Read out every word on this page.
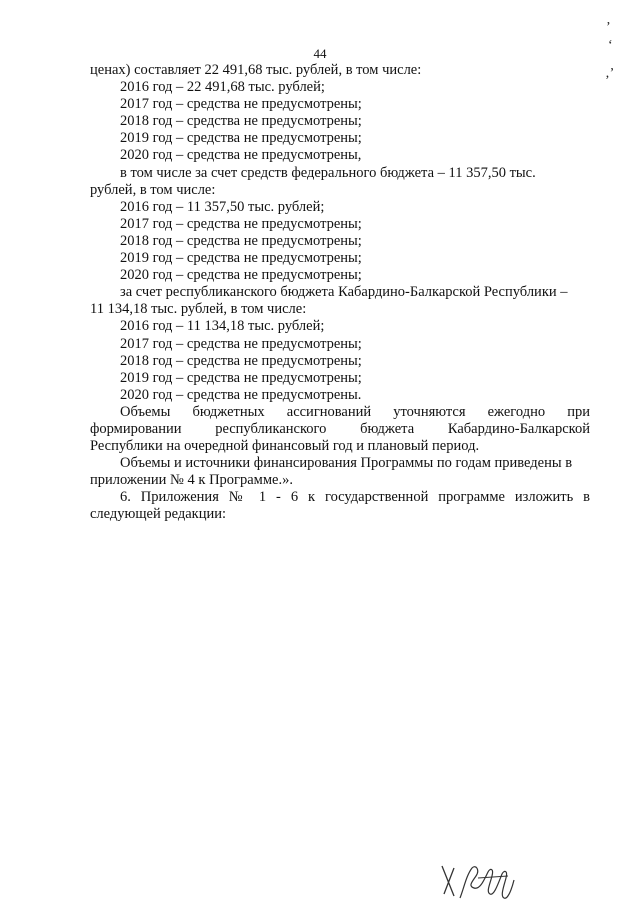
44
’
ʻ
‚’
ценах) составляет 22 491,68 тыс. рублей, в том числе:
2016 год – 22 491,68 тыс. рублей;
2017 год – средства не предусмотрены;
2018 год – средства не предусмотрены;
2019 год – средства не предусмотрены;
2020 год – средства не предусмотрены,
в том числе за счет средств федерального бюджета – 11 357,50 тыс.
рублей, в том числе:
2016 год – 11 357,50 тыс. рублей;
2017 год – средства не предусмотрены;
2018 год – средства не предусмотрены;
2019 год – средства не предусмотрены;
2020 год – средства не предусмотрены;
за счет республиканского бюджета Кабардино-Балкарской Республики –
11 134,18 тыс. рублей, в том числе:
2016 год – 11 134,18 тыс. рублей;
2017 год – средства не предусмотрены;
2018 год – средства не предусмотрены;
2019 год – средства не предусмотрены;
2020 год – средства не предусмотрены.
Объемы бюджетных ассигнований уточняются ежегодно при
формировании республиканского бюджета Кабардино-Балкарской
Республики на очередной финансовый год и плановый период.
Объемы и источники финансирования Программы по годам приведены в
приложении № 4 к Программе.».
6. Приложения № 1 - 6 к государственной программе изложить в
следующей редакции:
